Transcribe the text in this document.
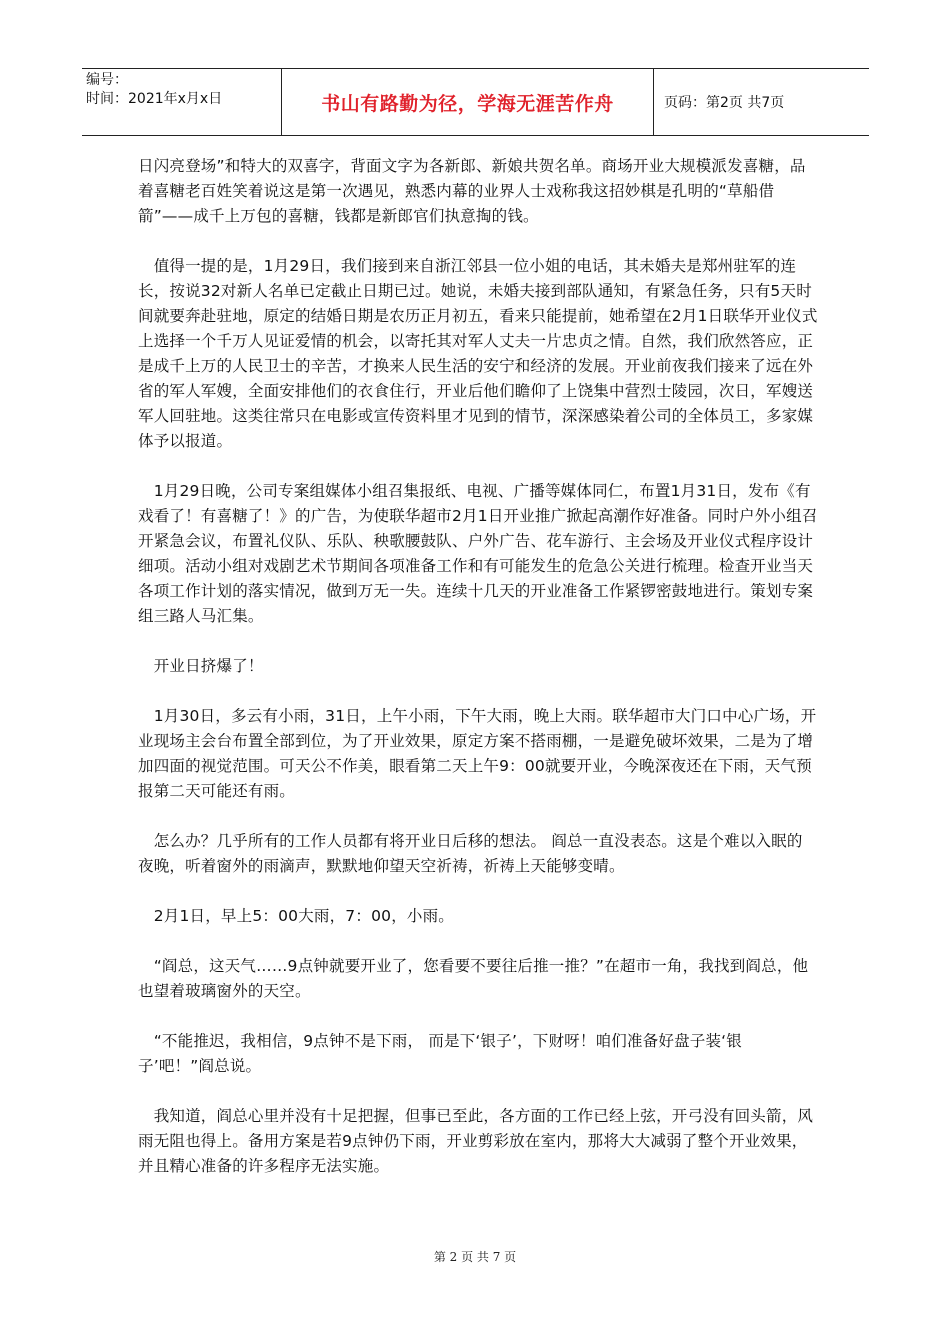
编号：
时间：2021年x月x日	书山有路勤为径，学海无涯苦作舟	页码：第2页 共7页

日闪亮登场”和特大的双喜字，背面文字为各新郎、新娘共贺名单。商场开业大规模派发喜糖，品着喜糖老百姓笑着说这是第一次遇见，熟悉内幕的业界人士戏称我这招妙棋是孔明的“草船借箭”——成千上万包的喜糖，钱都是新郎官们执意掏的钱。

　值得一提的是，1月29日，我们接到来自浙江邻县一位小姐的电话，其未婚夫是郑州驻军的连长，按说32对新人名单已定截止日期已过。她说，未婚夫接到部队通知，有紧急任务，只有5天时间就要奔赴驻地，原定的结婚日期是农历正月初五，看来只能提前，她希望在2月1日联华开业仪式上选择一个千万人见证爱情的机会，以寄托其对军人丈夫一片忠贞之情。自然，我们欣然答应，正是成千上万的人民卫士的辛苦，才换来人民生活的安宁和经济的发展。开业前夜我们接来了远在外省的军人军嫂，全面安排他们的衣食住行，开业后他们瞻仰了上饶集中营烈士陵园，次日，军嫂送军人回驻地。这类往常只在电影或宣传资料里才见到的情节，深深感染着公司的全体员工，多家媒体予以报道。

　1月29日晚，公司专案组媒体小组召集报纸、电视、广播等媒体同仁，布置1月31日，发布《有戏看了！有喜糖了！》的广告，为使联华超市2月1日开业推广掀起高潮作好准备。同时户外小组召开紧急会议，布置礼仪队、乐队、秧歌腰鼓队、户外广告、花车游行、主会场及开业仪式程序设计细项。活动小组对戏剧艺术节期间各项准备工作和有可能发生的危急公关进行梳理。检查开业当天各项工作计划的落实情况，做到万无一失。连续十几天的开业准备工作紧锣密鼓地进行。策划专案组三路人马汇集。

　开业日挤爆了！

　1月30日，多云有小雨，31日，上午小雨，下午大雨，晚上大雨。联华超市大门口中心广场，开业现场主会台布置全部到位，为了开业效果，原定方案不搭雨棚，一是避免破坏效果，二是为了增加四面的视觉范围。可天公不作美，眼看第二天上午9：00就要开业，今晚深夜还在下雨，天气预报第二天可能还有雨。

　怎么办？几乎所有的工作人员都有将开业日后移的想法。 阎总一直没表态。这是个难以入眠的夜晚，听着窗外的雨滴声，默默地仰望天空祈祷，祈祷上天能够变晴。

　2月1日，早上5：00大雨，7：00，小雨。

　“阎总，这天气……9点钟就要开业了，您看要不要往后推一推？”在超市一角，我找到阎总，他也望着玻璃窗外的天空。

　“不能推迟，我相信，9点钟不是下雨， 而是下‘银子’，下财呀！咱们准备好盘子装‘银子’吧！”阎总说。

　我知道，阎总心里并没有十足把握，但事已至此，各方面的工作已经上弦，开弓没有回头箭，风雨无阻也得上。备用方案是若9点钟仍下雨，开业剪彩放在室内，那将大大减弱了整个开业效果，并且精心准备的许多程序无法实施。

第 2 页 共 7 页
